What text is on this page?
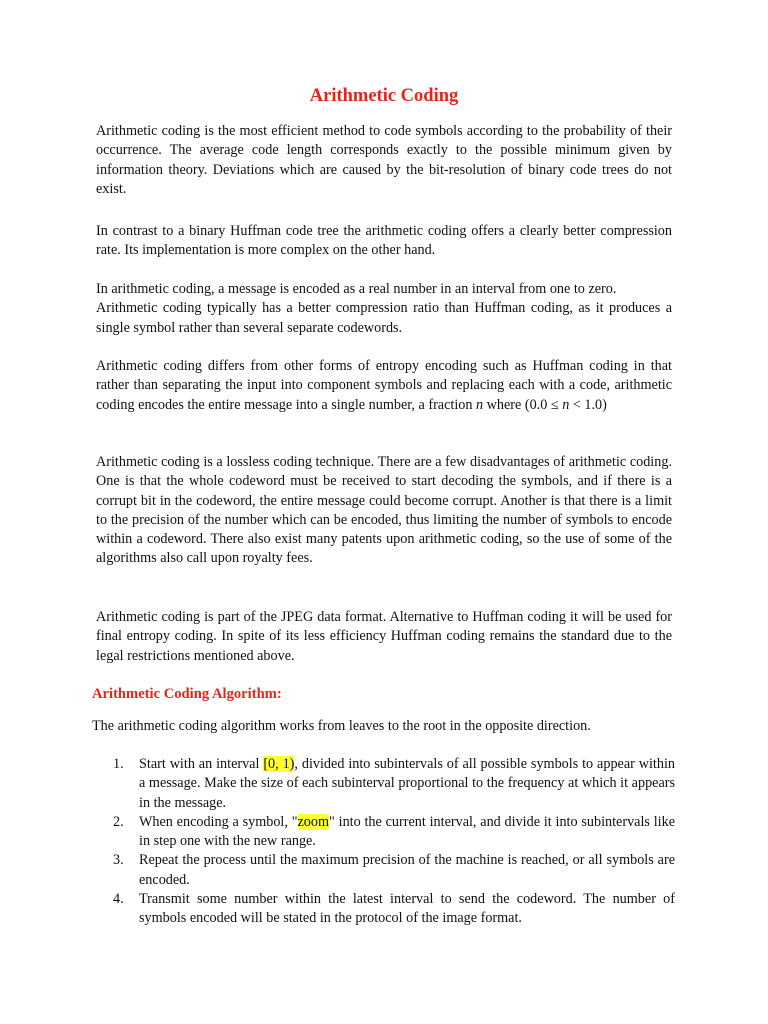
Arithmetic Coding

Arithmetic coding is the most efficient method to code symbols according to the probability of their occurrence. The average code length corresponds exactly to the possible minimum given by information theory. Deviations which are caused by the bit-resolution of binary code trees do not exist.

In contrast to a binary Huffman code tree the arithmetic coding offers a clearly better compression rate. Its implementation is more complex on the other hand.

In arithmetic coding, a message is encoded as a real number in an interval from one to zero.
Arithmetic coding typically has a better compression ratio than Huffman coding, as it produces a single symbol rather than several separate codewords.

Arithmetic coding differs from other forms of entropy encoding such as Huffman coding in that rather than separating the input into component symbols and replacing each with a code, arithmetic coding encodes the entire message into a single number, a fraction n where (0.0 ≤ n < 1.0)

Arithmetic coding is a lossless coding technique. There are a few disadvantages of arithmetic coding. One is that the whole codeword must be received to start decoding the symbols, and if there is a corrupt bit in the codeword, the entire message could become corrupt. Another is that there is a limit to the precision of the number which can be encoded, thus limiting the number of symbols to encode within a codeword. There also exist many patents upon arithmetic coding, so the use of some of the algorithms also call upon royalty fees.

Arithmetic coding is part of the JPEG data format. Alternative to Huffman coding it will be used for final entropy coding. In spite of its less efficiency Huffman coding remains the standard due to the legal restrictions mentioned above.

Arithmetic Coding Algorithm:

The arithmetic coding algorithm works from leaves to the root in the opposite direction.

1. Start with an interval [0, 1), divided into subintervals of all possible symbols to appear within a message. Make the size of each subinterval proportional to the frequency at which it appears in the message.
2. When encoding a symbol, "zoom" into the current interval, and divide it into subintervals like in step one with the new range.
3. Repeat the process until the maximum precision of the machine is reached, or all symbols are encoded.
4. Transmit some number within the latest interval to send the codeword. The number of symbols encoded will be stated in the protocol of the image format.
